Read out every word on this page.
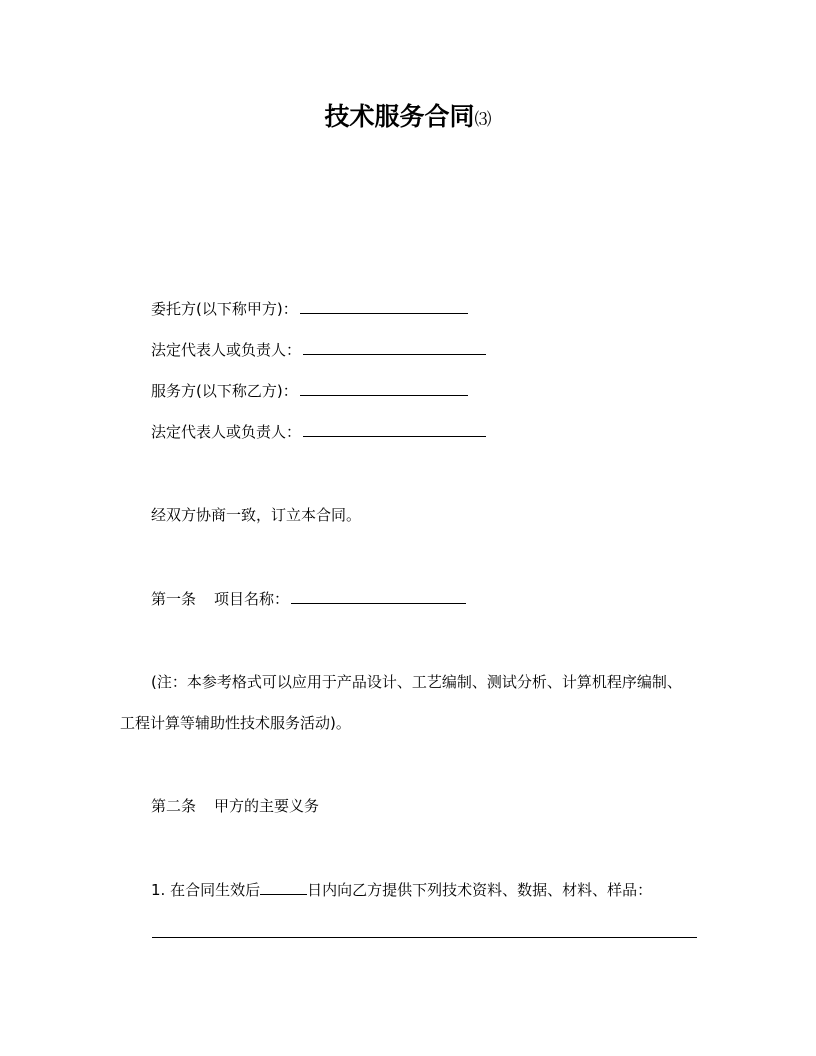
技术服务合同⑶
委托方(以下称甲方)：
法定代表人或负责人：
服务方(以下称乙方)：
法定代表人或负责人：
经双方协商一致，订立本合同。
第一条 项目名称：
(注：本参考格式可以应用于产品设计、工艺编制、测试分析、计算机程序编制、
工程计算等辅助性技术服务活动)。
第二条 甲方的主要义务
1. 在合同生效后	日内向乙方提供下列技术资料、数据、材料、样品：
